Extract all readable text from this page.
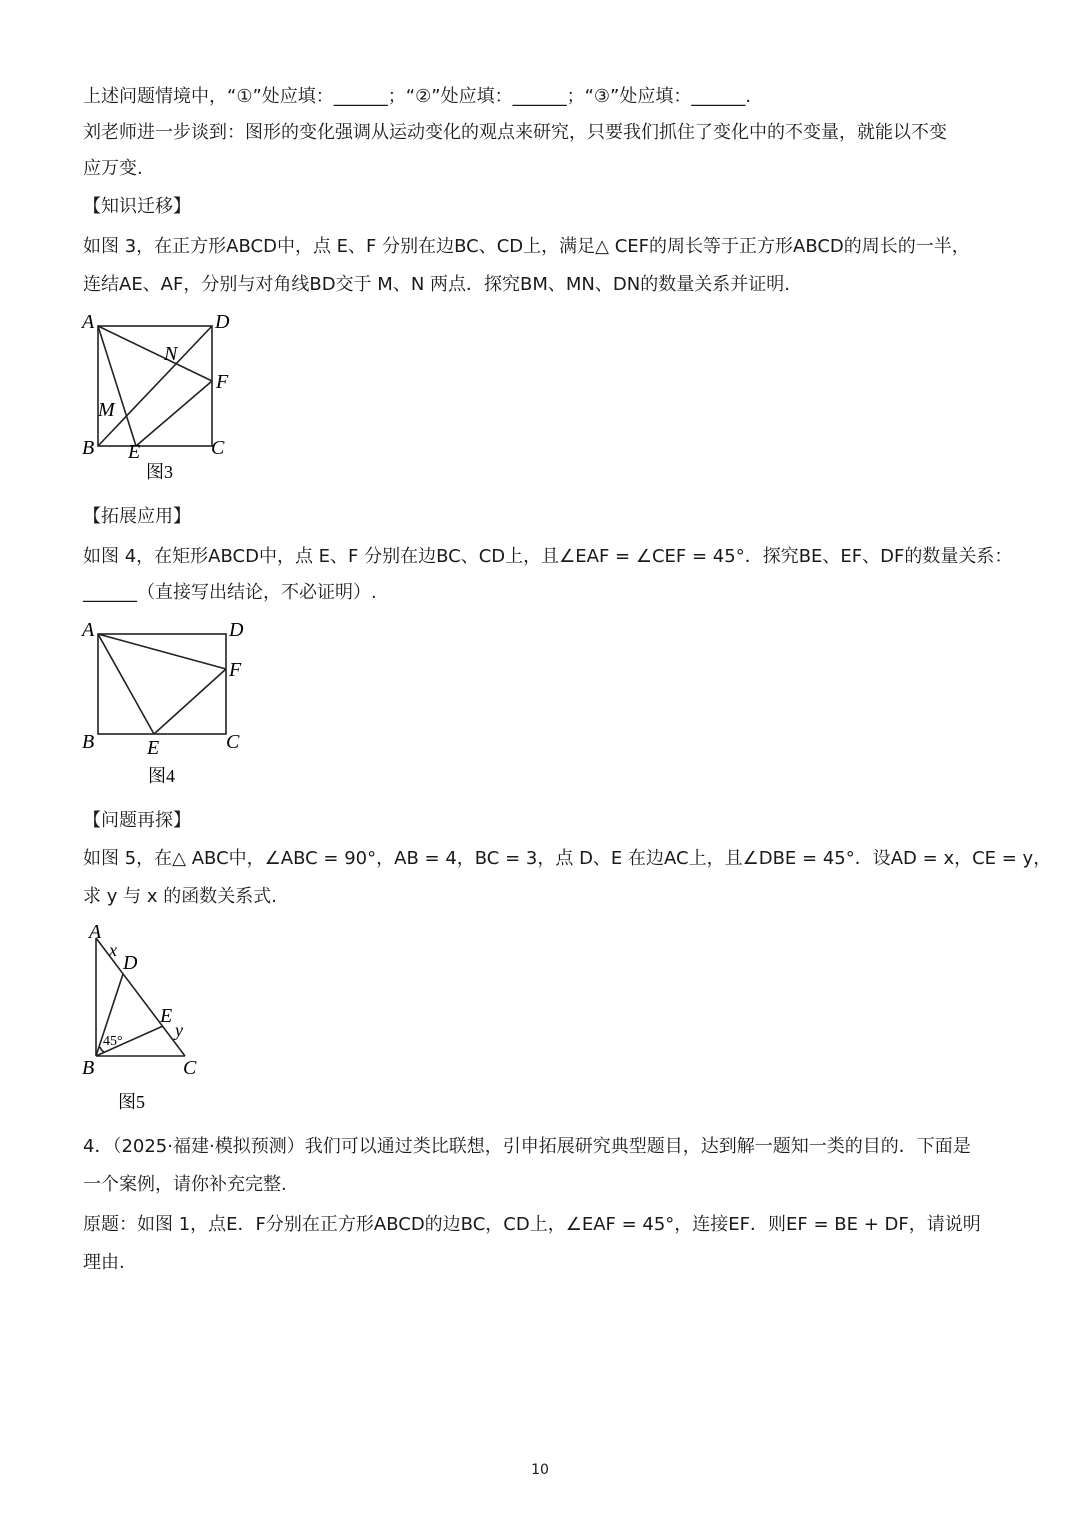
上述问题情境中，“①”处应填：______；“②”处应填：______；“③”处应填：______.
刘老师进一步谈到：图形的变化强调从运动变化的观点来研究，只要我们抓住了变化中的不变量，就能以不变
应万变.
【知识迁移】
如图 3，在正方形ABCD中，点 E、F 分别在边BC、CD上，满足△ CEF的周长等于正方形ABCD的周长的一半，
连结AE、AF，分别与对角线BD交于 M、N 两点．探究BM、MN、DN的数量关系并证明.
A	D
N
F
M
B E	C
图3
【拓展应用】
如图 4，在矩形ABCD中，点 E、F 分别在边BC、CD上，且∠EAF = ∠CEF = 45°．探究BE、EF、DF的数量关系：
______（直接写出结论，不必证明）.
A	D
F
B	E	C
图4
【问题再探】
如图 5，在△ ABC中，∠ABC = 90°，AB = 4，BC = 3，点 D、E 在边AC上，且∠DBE = 45°．设AD = x，CE = y，
求 y 与 x 的函数关系式.
A
x
D
E
y
45°
B	C
图5
4．（2025·福建·模拟预测）我们可以通过类比联想，引申拓展研究典型题目，达到解一题知一类的目的．下面是
一个案例，请你补充完整.
原题：如图 1，点E．F分别在正方形ABCD的边BC，CD上，∠EAF = 45°，连接EF．则EF = BE + DF，请说明
理由.
10
